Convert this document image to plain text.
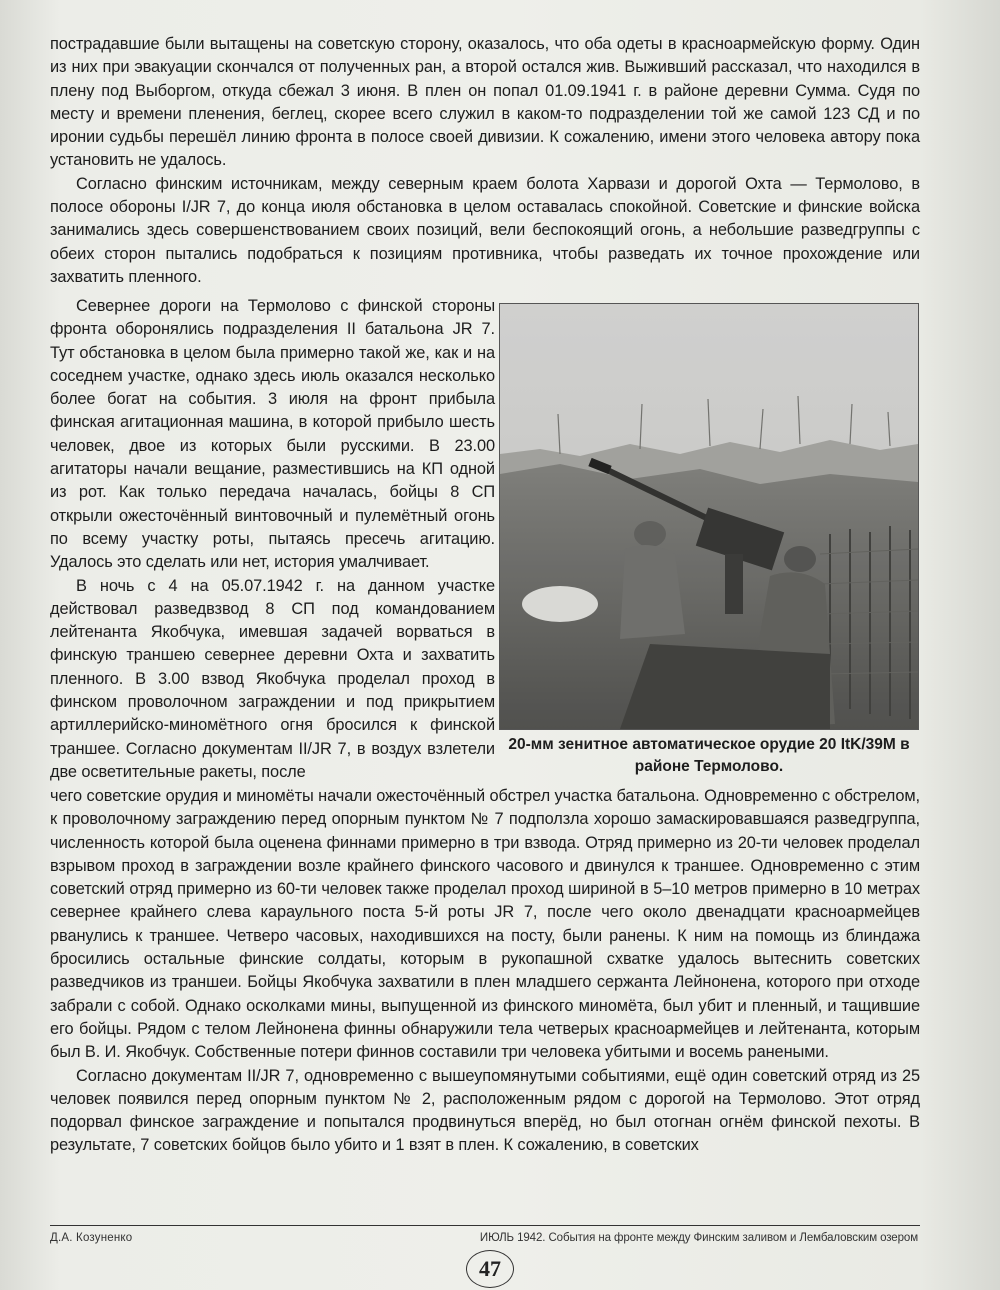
пострадавшие были вытащены на советскую сторону, оказалось, что оба одеты в красноармейскую форму. Один из них при эвакуации скончался от полученных ран, а второй остался жив. Выживший рассказал, что находился в плену под Выборгом, откуда сбежал 3 июня. В плен он попал 01.09.1941 г. в районе деревни Сумма. Судя по месту и времени пленения, беглец, скорее всего служил в каком-то подразделении той же самой 123 СД и по иронии судьбы перешёл линию фронта в полосе своей дивизии. К сожалению, имени этого человека автору пока установить не удалось.

Согласно финским источникам, между северным краем болота Харвази и дорогой Охта — Термолово, в полосе обороны I/JR 7, до конца июля обстановка в целом оставалась спокойной. Советские и финские войска занимались здесь совершенствованием своих позиций, вели беспокоящий огонь, а небольшие разведгруппы с обеих сторон пытались подобраться к позициям противника, чтобы разведать их точное прохождение или захватить пленного.

Севернее дороги на Термолово с финской стороны фронта оборонялись подразделения II батальона JR 7. Тут обстановка в целом была примерно такой же, как и на соседнем участке, однако здесь июль оказался несколько более богат на события. 3 июля на фронт прибыла финская агитационная машина, в которой прибыло шесть человек, двое из которых были русскими. В 23.00 агитаторы начали вещание, разместившись на КП одной из рот. Как только передача началась, бойцы 8 СП открыли ожесточённый винтовочный и пулемётный огонь по всему участку роты, пытаясь пресечь агитацию. Удалось это сделать или нет, история умалчивает.

В ночь с 4 на 05.07.1942 г. на данном участке действовал разведвзвод 8 СП под командованием лейтенанта Якобчука, имевшая задачей ворваться в финскую траншею севернее деревни Охта и захватить пленного. В 3.00 взвод Якобчука проделал проход в финском проволочном заграждении и под прикрытием артиллерийско-миномётного огня бросился к финской траншее. Согласно документам II/JR 7, в воздух взлетели две осветительные ракеты, после

20-мм зенитное автоматическое орудие 20 ItK/39M в районе Термолово.

чего советские орудия и миномёты начали ожесточённый обстрел участка батальона. Одновременно с обстрелом, к проволочному заграждению перед опорным пунктом № 7 подползла хорошо замаскировавшаяся разведгруппа, численность которой была оценена финнами примерно в три взвода. Отряд примерно из 20-ти человек проделал взрывом проход в заграждении возле крайнего финского часового и двинулся к траншее. Одновременно с этим советский отряд примерно из 60-ти человек также проделал проход шириной в 5–10 метров примерно в 10 метрах севернее крайнего слева караульного поста 5-й роты JR 7, после чего около двенадцати красноармейцев рванулись к траншее. Четверо часовых, находившихся на посту, были ранены. К ним на помощь из блиндажа бросились остальные финские солдаты, которым в рукопашной схватке удалось вытеснить советских разведчиков из траншеи. Бойцы Якобчука захватили в плен младшего сержанта Лейнонена, которого при отходе забрали с собой. Однако осколками мины, выпущенной из финского миномёта, был убит и пленный, и тащившие его бойцы. Рядом с телом Лейнонена финны обнаружили тела четверых красноармейцев и лейтенанта, которым был В. И. Якобчук. Собственные потери финнов составили три человека убитыми и восемь ранеными.

Согласно документам II/JR 7, одновременно с вышеупомянутыми событиями, ещё один советский отряд из 25 человек появился перед опорным пунктом № 2, расположенным рядом с дорогой на Термолово. Этот отряд подорвал финское заграждение и попытался продвинуться вперёд, но был отогнан огнём финской пехоты. В результате, 7 советских бойцов было убито и 1 взят в плен. К сожалению, в советских

Д.А. Козуненко	ИЮЛЬ 1942. События на фронте между Финским заливом и Лембаловским озером
47
